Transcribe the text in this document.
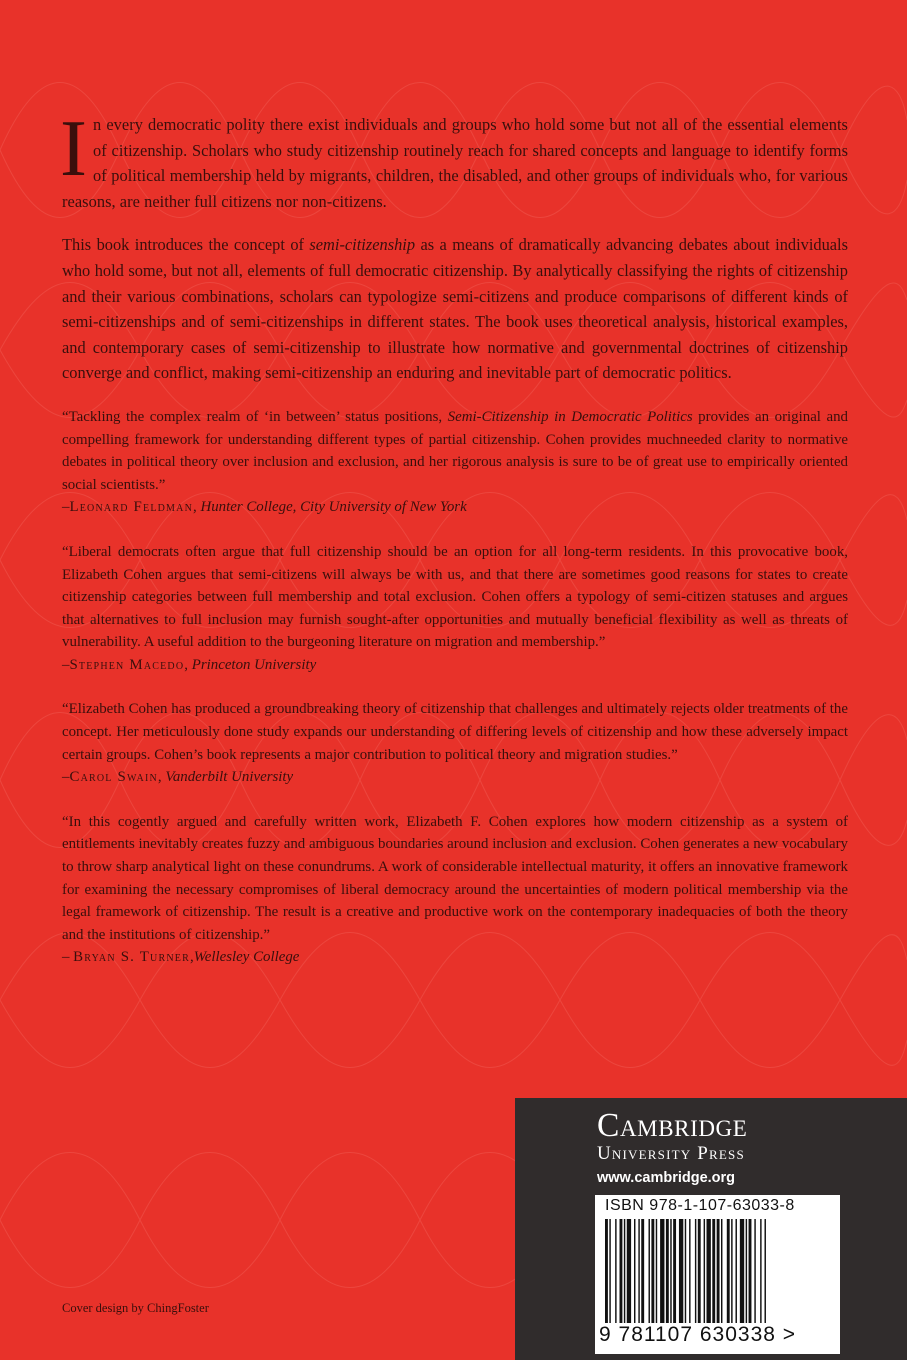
In every democratic polity there exist individuals and groups who hold some but not all of the essential elements of citizenship. Scholars who study citizenship routinely reach for shared concepts and language to identify forms of political membership held by migrants, children, the disabled, and other groups of individuals who, for various reasons, are neither full citizens nor non-citizens.

This book introduces the concept of semi-citizenship as a means of dramatically advancing debates about individuals who hold some, but not all, elements of full democratic citizenship. By analytically classifying the rights of citizenship and their various combinations, scholars can typologize semi-citizens and produce comparisons of different kinds of semi-citizenships and of semi-citizenships in different states. The book uses theoretical analysis, historical examples, and contemporary cases of semi-citizenship to illustrate how normative and governmental doctrines of citizenship converge and conflict, making semi-citizenship an enduring and inevitable part of democratic politics.

“Tackling the complex realm of ‘in between’ status positions, Semi-Citizenship in Democratic Politics provides an original and compelling framework for understanding different types of partial citizenship. Cohen provides muchneeded clarity to normative debates in political theory over inclusion and exclusion, and her rigorous analysis is sure to be of great use to empirically oriented social scientists.”

–Leonard Feldman, Hunter College, City University of New York

“Liberal democrats often argue that full citizenship should be an option for all long-term residents. In this provocative book, Elizabeth Cohen argues that semi-citizens will always be with us, and that there are sometimes good reasons for states to create citizenship categories between full membership and total exclusion. Cohen offers a typology of semi-citizen statuses and argues that alternatives to full inclusion may furnish sought-after opportunities and mutually beneficial flexibility as well as threats of vulnerability. A useful addition to the burgeoning literature on migration and membership.”

–Stephen Macedo, Princeton University

“Elizabeth Cohen has produced a groundbreaking theory of citizenship that challenges and ultimately rejects older treatments of the concept. Her meticulously done study expands our understanding of differing levels of citizenship and how these adversely impact certain groups. Cohen’s book represents a major contribution to political theory and migration studies.”

–Carol Swain, Vanderbilt University

“In this cogently argued and carefully written work, Elizabeth F. Cohen explores how modern citizenship as a system of entitlements inevitably creates fuzzy and ambiguous boundaries around inclusion and exclusion. Cohen generates a new vocabulary to throw sharp analytical light on these conundrums. A work of considerable intellectual maturity, it offers an innovative framework for examining the necessary compromises of liberal democracy around the uncertainties of modern political membership via the legal framework of citizenship. The result is a creative and productive work on the contemporary inadequacies of both the theory and the institutions of citizenship.”

– Bryan S. Turner,Wellesley College
Cover design by ChingFoster
Cambridge
University Press
www.cambridge.org
ISBN 978-1-107-63033-8
9 781107 630338 >
